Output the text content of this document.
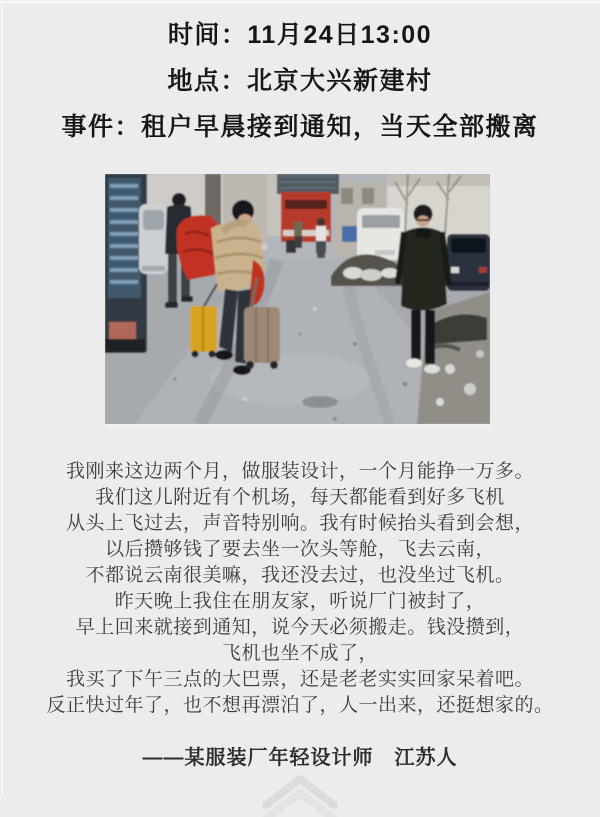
时间：11月24日13:00
地点：北京大兴新建村
事件：租户早晨接到通知，当天全部搬离
我刚来这边两个月，做服装设计，一个月能挣一万多。
我们这儿附近有个机场，每天都能看到好多飞机
从头上飞过去，声音特别响。我有时候抬头看到会想，
以后攒够钱了要去坐一次头等舱，飞去云南，
不都说云南很美嘛，我还没去过，也没坐过飞机。
昨天晚上我住在朋友家，听说厂门被封了，
早上回来就接到通知，说今天必须搬走。钱没攒到，
飞机也坐不成了，
我买了下午三点的大巴票，还是老老实实回家呆着吧。
反正快过年了，也不想再漂泊了，人一出来，还挺想家的。
——某服装厂年轻设计师　江苏人
